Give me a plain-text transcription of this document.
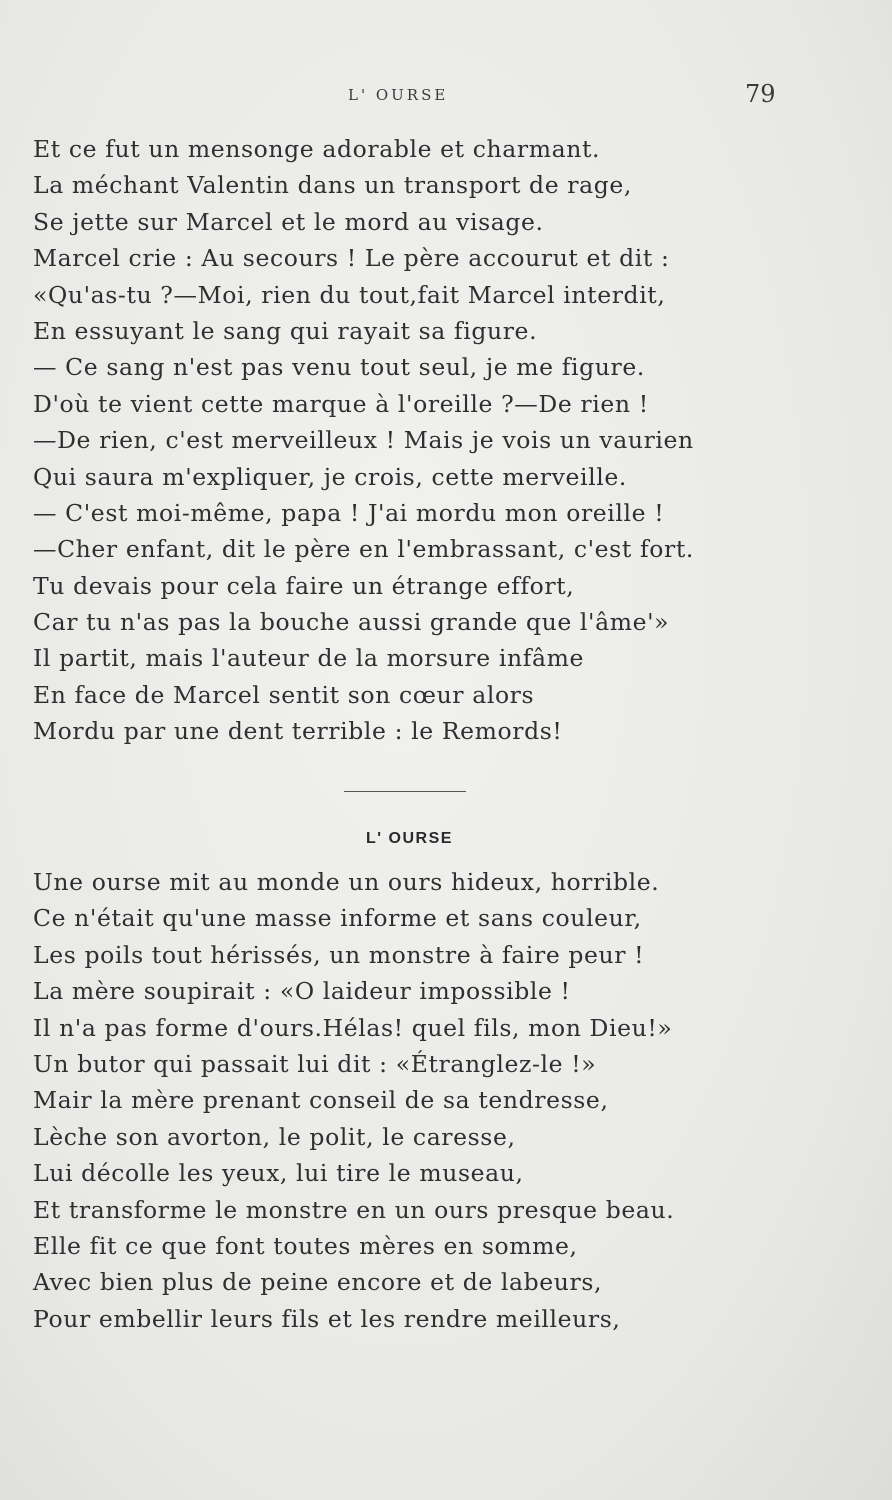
L' OURSE	79
Et ce fut un mensonge adorable et charmant.
La méchant Valentin dans un transport de rage,
Se jette sur Marcel et le mord au visage.
Marcel crie : Au secours ! Le père accourut et dit :
«Qu'as-tu ?—Moi, rien du tout,fait Marcel interdit,
En essuyant le sang qui rayait sa figure.
— Ce sang n'est pas venu tout seul, je me figure.
D'où te vient cette marque à l'oreille ?—De rien !
—De rien, c'est merveilleux ! Mais je vois un vaurien
Qui saura m'expliquer, je crois, cette merveille.
— C'est moi-même, papa ! J'ai mordu mon oreille !
—Cher enfant, dit le père en l'embrassant, c'est fort.
Tu devais pour cela faire un étrange effort,
Car tu n'as pas la bouche aussi grande que l'âme'»
Il partit, mais l'auteur de la morsure infâme
En face de Marcel sentit son cœur alors
Mordu par une dent terrible : le Remords!
L' OURSE
Une ourse mit au monde un ours hideux, horrible.
Ce n'était qu'une masse informe et sans couleur,
Les poils tout hérissés, un monstre à faire peur !
La mère soupirait : «O laideur impossible !
Il n'a pas forme d'ours.Hélas! quel fils, mon Dieu!»
Un butor qui passait lui dit : «Étranglez-le !»
Mair la mère prenant conseil de sa tendresse,
Lèche son avorton, le polit, le caresse,
Lui décolle les yeux, lui tire le museau,
Et transforme le monstre en un ours presque beau.
Elle fit ce que font toutes mères en somme,
Avec bien plus de peine encore et de labeurs,
Pour embellir leurs fils et les rendre meilleurs,
